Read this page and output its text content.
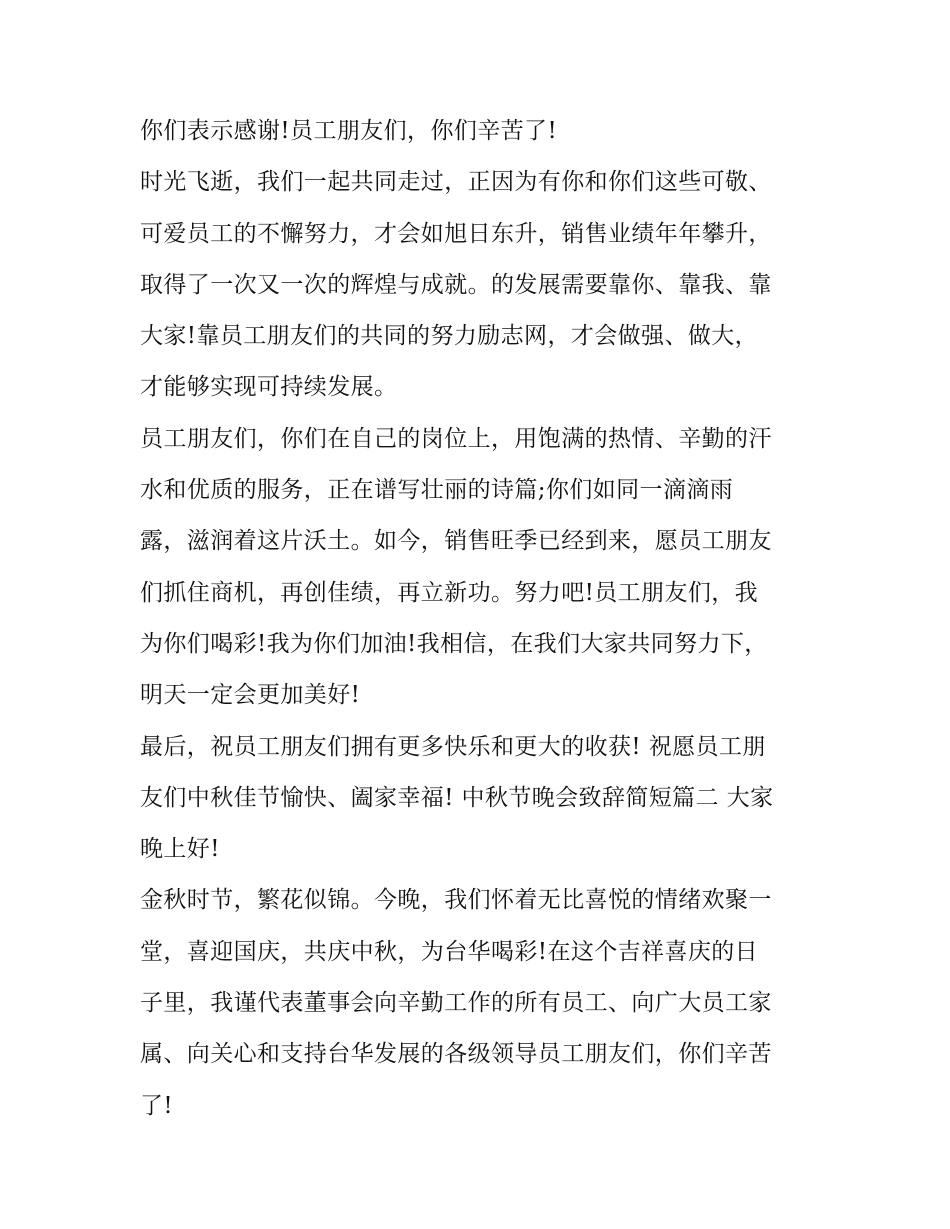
你们表示感谢!员工朋友们，你们辛苦了!
时光飞逝，我们一起共同走过，正因为有你和你们这些可敬、
可爱员工的不懈努力，才会如旭日东升，销售业绩年年攀升，
取得了一次又一次的辉煌与成就。的发展需要靠你、靠我、靠
大家!靠员工朋友们的共同的努力励志网，才会做强、做大，
才能够实现可持续发展。
员工朋友们，你们在自己的岗位上，用饱满的热情、辛勤的汗
水和优质的服务，正在谱写壮丽的诗篇;你们如同一滴滴雨
露，滋润着这片沃土。如今，销售旺季已经到来，愿员工朋友
们抓住商机，再创佳绩，再立新功。努力吧!员工朋友们，我
为你们喝彩!我为你们加油!我相信，在我们大家共同努力下，
明天一定会更加美好!
最后，祝员工朋友们拥有更多快乐和更大的收获! 祝愿员工朋
友们中秋佳节愉快、阖家幸福! 中秋节晚会致辞简短篇二 大家
晚上好!
金秋时节，繁花似锦。今晚，我们怀着无比喜悦的情绪欢聚一
堂，喜迎国庆，共庆中秋，为台华喝彩!在这个吉祥喜庆的日
子里，我谨代表董事会向辛勤工作的所有员工、向广大员工家
属、向关心和支持台华发展的各级领导员工朋友们，你们辛苦
了!
